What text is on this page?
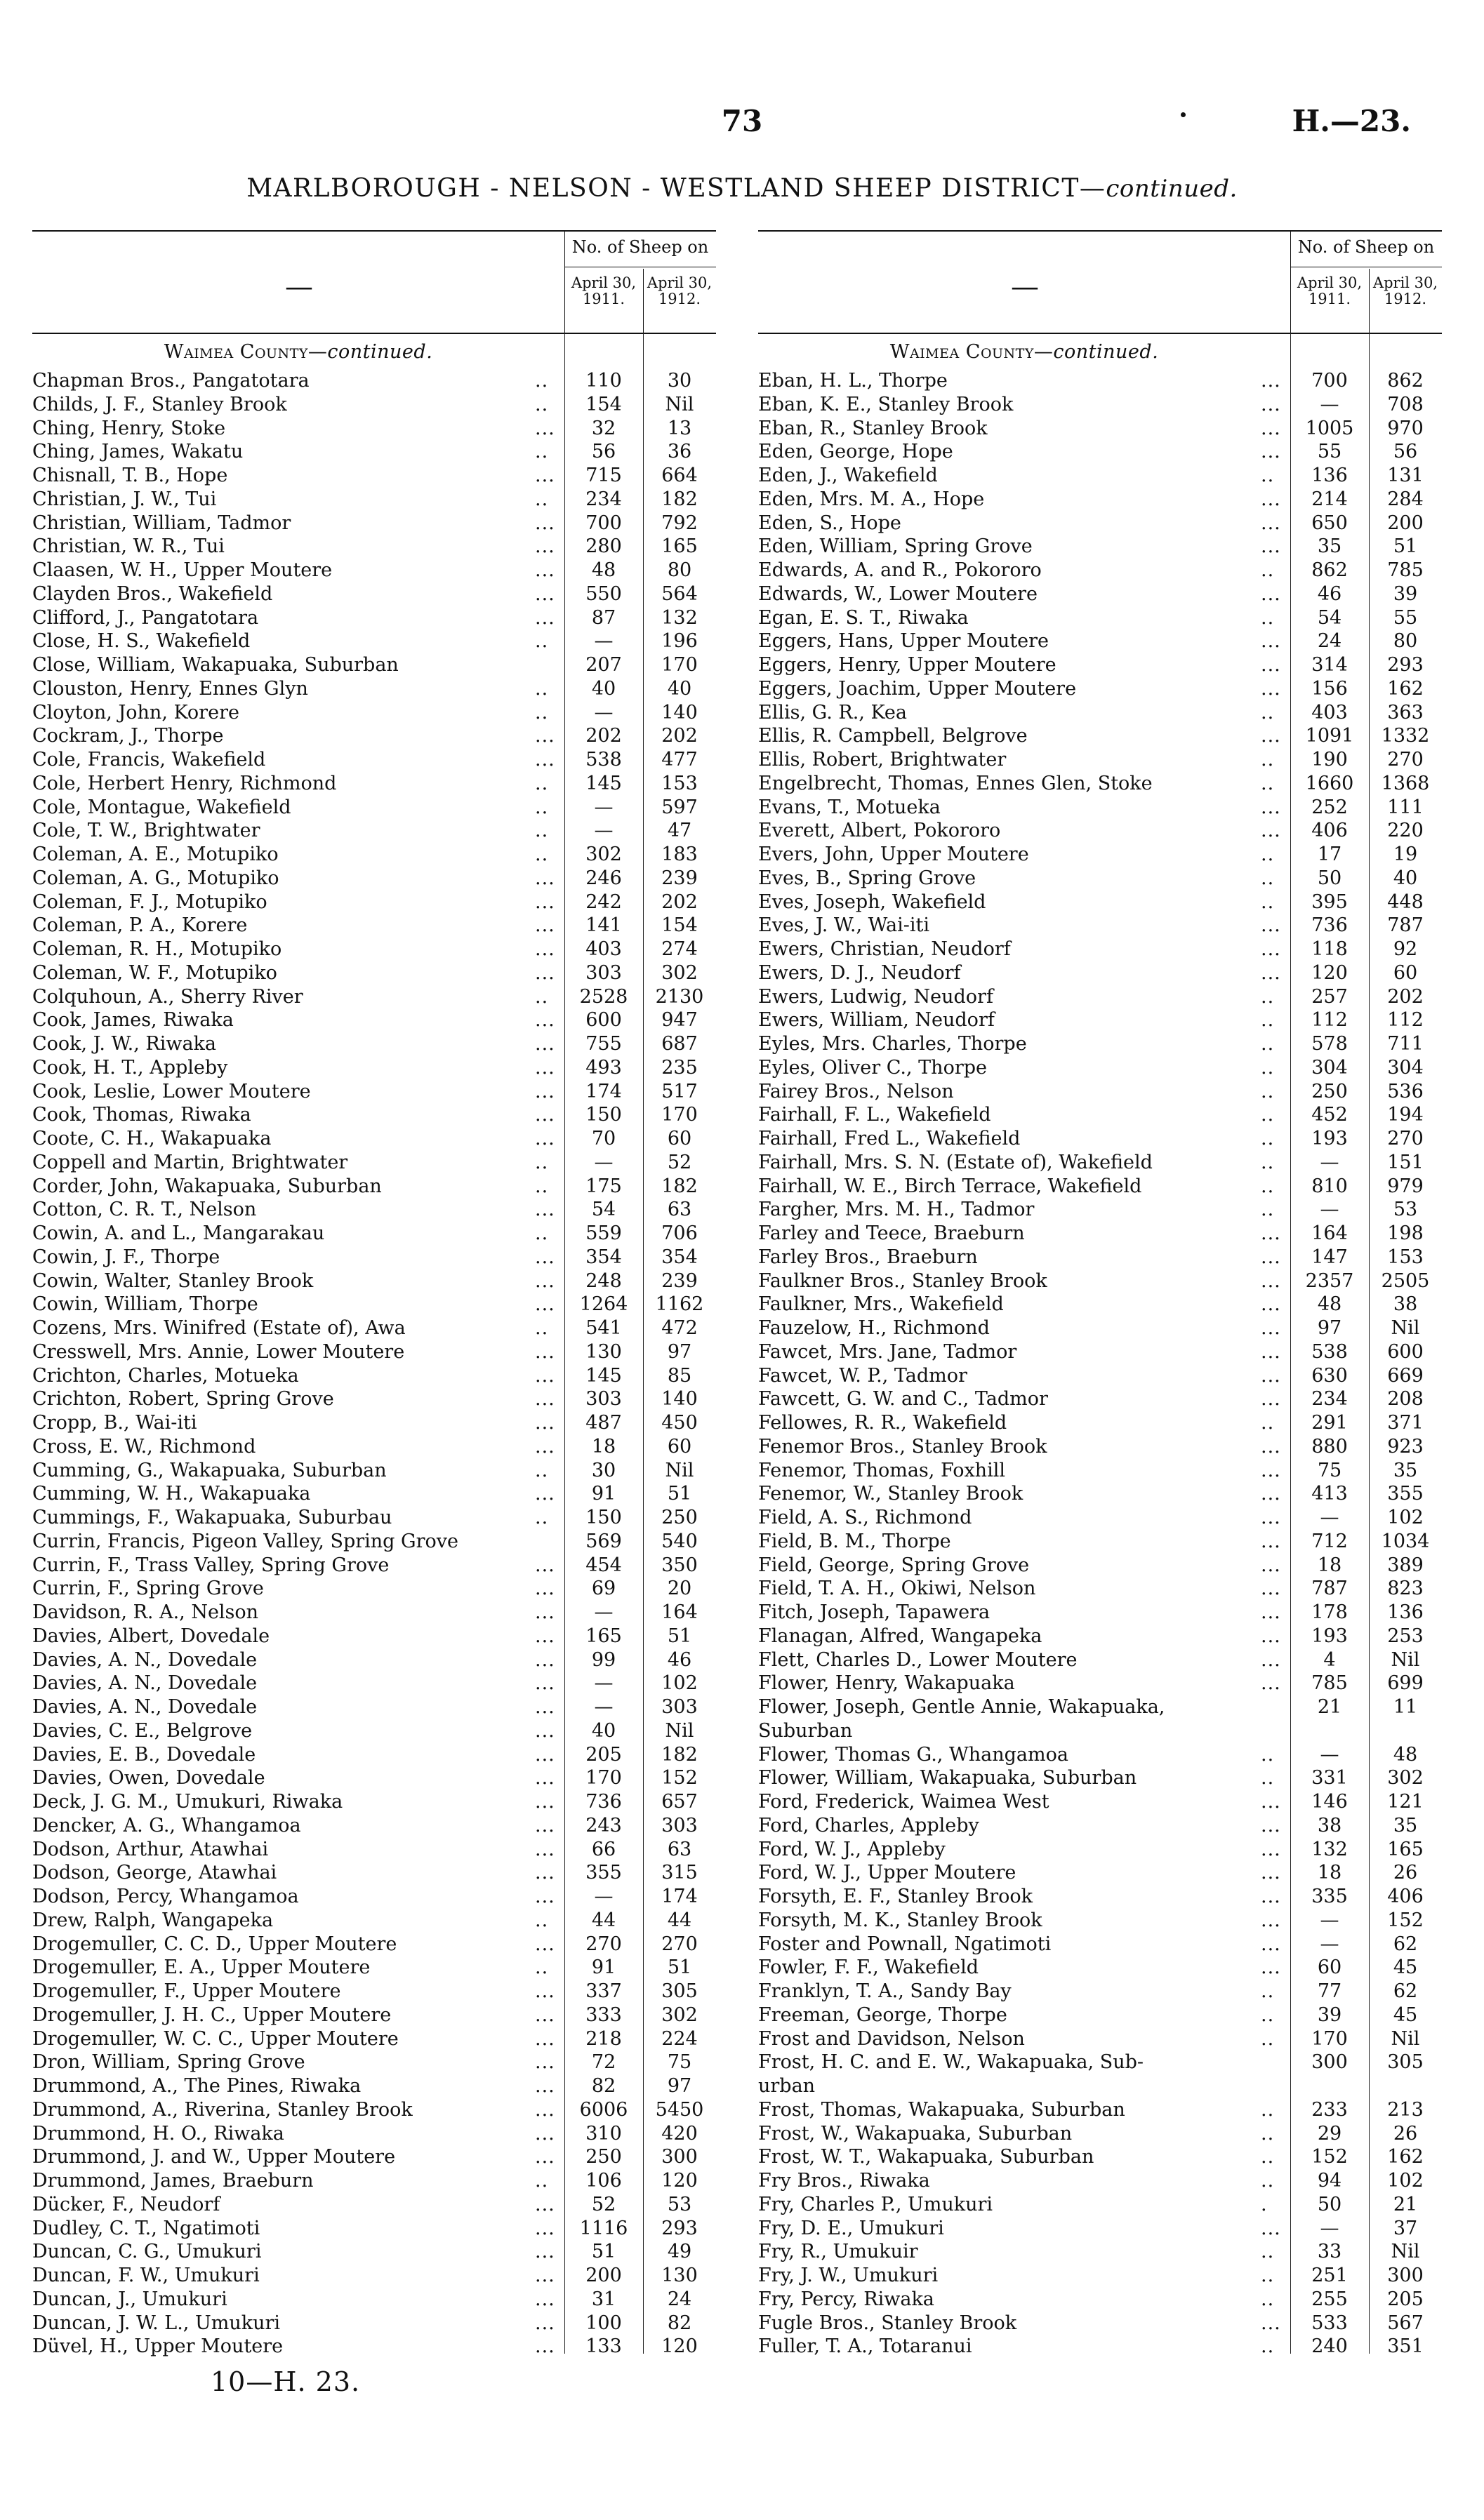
73	H.—23.
MARLBOROUGH - NELSON - WESTLAND SHEEP DISTRICT—continued.
—
No. of Sheep on
April 30, 1911.
April 30, 1912.
Waimea County—continued.
Chapman Bros., Pangatotara	..	110	30
Childs, J. F., Stanley Brook	..	154	Nil
Ching, Henry, Stoke	...	32	13
Ching, James, Wakatu	..	56	36
Chisnall, T. B., Hope	...	715	664
Christian, J. W., Tui	..	234	182
Christian, William, Tadmor	...	700	792
Christian, W. R., Tui	...	280	165
Claasen, W. H., Upper Moutere	...	48	80
Clayden Bros., Wakefield	...	550	564
Clifford, J., Pangatotara	...	87	132
Close, H. S., Wakefield	..	—	196
Close, William, Wakapuaka, Suburban	207	170
Clouston, Henry, Ennes Glyn	..	40	40
Cloyton, John, Korere	..	—	140
Cockram, J., Thorpe	...	202	202
Cole, Francis, Wakefield	...	538	477
Cole, Herbert Henry, Richmond	..	145	153
Cole, Montague, Wakefield	..	—	597
Cole, T. W., Brightwater	..	—	47
Coleman, A. E., Motupiko	..	302	183
Coleman, A. G., Motupiko	...	246	239
Coleman, F. J., Motupiko	...	242	202
Coleman, P. A., Korere	...	141	154
Coleman, R. H., Motupiko	...	403	274
Coleman, W. F., Motupiko	...	303	302
Colquhoun, A., Sherry River	..	2528	2130
Cook, James, Riwaka	...	600	947
Cook, J. W., Riwaka	...	755	687
Cook, H. T., Appleby	...	493	235
Cook, Leslie, Lower Moutere	...	174	517
Cook, Thomas, Riwaka	...	150	170
Coote, C. H., Wakapuaka	...	70	60
Coppell and Martin, Brightwater	..	—	52
Corder, John, Wakapuaka, Suburban	..	175	182
Cotton, C. R. T., Nelson	...	54	63
Cowin, A. and L., Mangarakau	..	559	706
Cowin, J. F., Thorpe	...	354	354
Cowin, Walter, Stanley Brook	...	248	239
Cowin, William, Thorpe	...	1264	1162
Cozens, Mrs. Winifred (Estate of), Awa	..	541	472
Cresswell, Mrs. Annie, Lower Moutere	...	130	97
Crichton, Charles, Motueka	...	145	85
Crichton, Robert, Spring Grove	...	303	140
Cropp, B., Wai-iti	...	487	450
Cross, E. W., Richmond	...	18	60
Cumming, G., Wakapuaka, Suburban	..	30	Nil
Cumming, W. H., Wakapuaka	...	91	51
Cummings, F., Wakapuaka, Suburbau	..	150	250
Currin, Francis, Pigeon Valley, Spring Grove	569	540
Currin, F., Trass Valley, Spring Grove	...	454	350
Currin, F., Spring Grove	...	69	20
Davidson, R. A., Nelson	...	—	164
Davies, Albert, Dovedale	...	165	51
Davies, A. N., Dovedale	...	99	46
Davies, A. N., Dovedale	...	—	102
Davies, A. N., Dovedale	...	—	303
Davies, C. E., Belgrove	...	40	Nil
Davies, E. B., Dovedale	...	205	182
Davies, Owen, Dovedale	...	170	152
Deck, J. G. M., Umukuri, Riwaka	...	736	657
Dencker, A. G., Whangamoa	...	243	303
Dodson, Arthur, Atawhai	...	66	63
Dodson, George, Atawhai	...	355	315
Dodson, Percy, Whangamoa	...	—	174
Drew, Ralph, Wangapeka	..	44	44
Drogemuller, C. C. D., Upper Moutere	...	270	270
Drogemuller, E. A., Upper Moutere	..	91	51
Drogemuller, F., Upper Moutere	...	337	305
Drogemuller, J. H. C., Upper Moutere	...	333	302
Drogemuller, W. C. C., Upper Moutere	...	218	224
Dron, William, Spring Grove	...	72	75
Drummond, A., The Pines, Riwaka	...	82	97
Drummond, A., Riverina, Stanley Brook	...	6006	5450
Drummond, H. O., Riwaka	...	310	420
Drummond, J. and W., Upper Moutere	...	250	300
Drummond, James, Braeburn	..	106	120
Dücker, F., Neudorf	...	52	53
Dudley, C. T., Ngatimoti	...	1116	293
Duncan, C. G., Umukuri	...	51	49
Duncan, F. W., Umukuri	...	200	130
Duncan, J., Umukuri	...	31	24
Duncan, J. W. L., Umukuri	...	100	82
Düvel, H., Upper Moutere	...	133	120
—
No. of Sheep on
April 30, 1911.
April 30, 1912.
Waimea County—continued.
Eban, H. L., Thorpe	...	700	862
Eban, K. E., Stanley Brook	...	—	708
Eban, R., Stanley Brook	...	1005	970
Eden, George, Hope	...	55	56
Eden, J., Wakefield	..	136	131
Eden, Mrs. M. A., Hope	...	214	284
Eden, S., Hope	...	650	200
Eden, William, Spring Grove	...	35	51
Edwards, A. and R., Pokororo	..	862	785
Edwards, W., Lower Moutere	...	46	39
Egan, E. S. T., Riwaka	..	54	55
Eggers, Hans, Upper Moutere	...	24	80
Eggers, Henry, Upper Moutere	...	314	293
Eggers, Joachim, Upper Moutere	...	156	162
Ellis, G. R., Kea	..	403	363
Ellis, R. Campbell, Belgrove	...	1091	1332
Ellis, Robert, Brightwater	..	190	270
Engelbrecht, Thomas, Ennes Glen, Stoke	..	1660	1368
Evans, T., Motueka	...	252	111
Everett, Albert, Pokororo	...	406	220
Evers, John, Upper Moutere	..	17	19
Eves, B., Spring Grove	..	50	40
Eves, Joseph, Wakefield	..	395	448
Eves, J. W., Wai-iti	...	736	787
Ewers, Christian, Neudorf	...	118	92
Ewers, D. J., Neudorf	...	120	60
Ewers, Ludwig, Neudorf	..	257	202
Ewers, William, Neudorf	..	112	112
Eyles, Mrs. Charles, Thorpe	..	578	711
Eyles, Oliver C., Thorpe	..	304	304
Fairey Bros., Nelson	..	250	536
Fairhall, F. L., Wakefield	..	452	194
Fairhall, Fred L., Wakefield	..	193	270
Fairhall, Mrs. S. N. (Estate of), Wakefield	..	—	151
Fairhall, W. E., Birch Terrace, Wakefield	..	810	979
Fargher, Mrs. M. H., Tadmor	..	—	53
Farley and Teece, Braeburn	...	164	198
Farley Bros., Braeburn	...	147	153
Faulkner Bros., Stanley Brook	...	2357	2505
Faulkner, Mrs., Wakefield	...	48	38
Fauzelow, H., Richmond	...	97	Nil
Fawcet, Mrs. Jane, Tadmor	...	538	600
Fawcet, W. P., Tadmor	...	630	669
Fawcett, G. W. and C., Tadmor	...	234	208
Fellowes, R. R., Wakefield	..	291	371
Fenemor Bros., Stanley Brook	...	880	923
Fenemor, Thomas, Foxhill	...	75	35
Fenemor, W., Stanley Brook	...	413	355
Field, A. S., Richmond	...	—	102
Field, B. M., Thorpe	...	712	1034
Field, George, Spring Grove	...	18	389
Field, T. A. H., Okiwi, Nelson	...	787	823
Fitch, Joseph, Tapawera	...	178	136
Flanagan, Alfred, Wangapeka	...	193	253
Flett, Charles D., Lower Moutere	...	4	Nil
Flower, Henry, Wakapuaka	...	785	699
Flower, Joseph, Gentle Annie, Wakapuaka,	21	11
Suburban
Flower, Thomas G., Whangamoa	..	—	48
Flower, William, Wakapuaka, Suburban	..	331	302
Ford, Frederick, Waimea West	...	146	121
Ford, Charles, Appleby	...	38	35
Ford, W. J., Appleby	...	132	165
Ford, W. J., Upper Moutere	...	18	26
Forsyth, E. F., Stanley Brook	...	335	406
Forsyth, M. K., Stanley Brook	...	—	152
Foster and Pownall, Ngatimoti	...	—	62
Fowler, F. F., Wakefield	...	60	45
Franklyn, T. A., Sandy Bay	..	77	62
Freeman, George, Thorpe	..	39	45
Frost and Davidson, Nelson	..	170	Nil
Frost, H. C. and E. W., Wakapuaka, Sub-	300	305
urban
Frost, Thomas, Wakapuaka, Suburban	..	233	213
Frost, W., Wakapuaka, Suburban	..	29	26
Frost, W. T., Wakapuaka, Suburban	..	152	162
Fry Bros., Riwaka	..	94	102
Fry, Charles P., Umukuri	.	50	21
Fry, D. E., Umukuri	...	—	37
Fry, R., Umukuir	..	33	Nil
Fry, J. W., Umukuri	..	251	300
Fry, Percy, Riwaka	..	255	205
Fugle Bros., Stanley Brook	...	533	567
Fuller, T. A., Totaranui	..	240	351
10—H. 23.
